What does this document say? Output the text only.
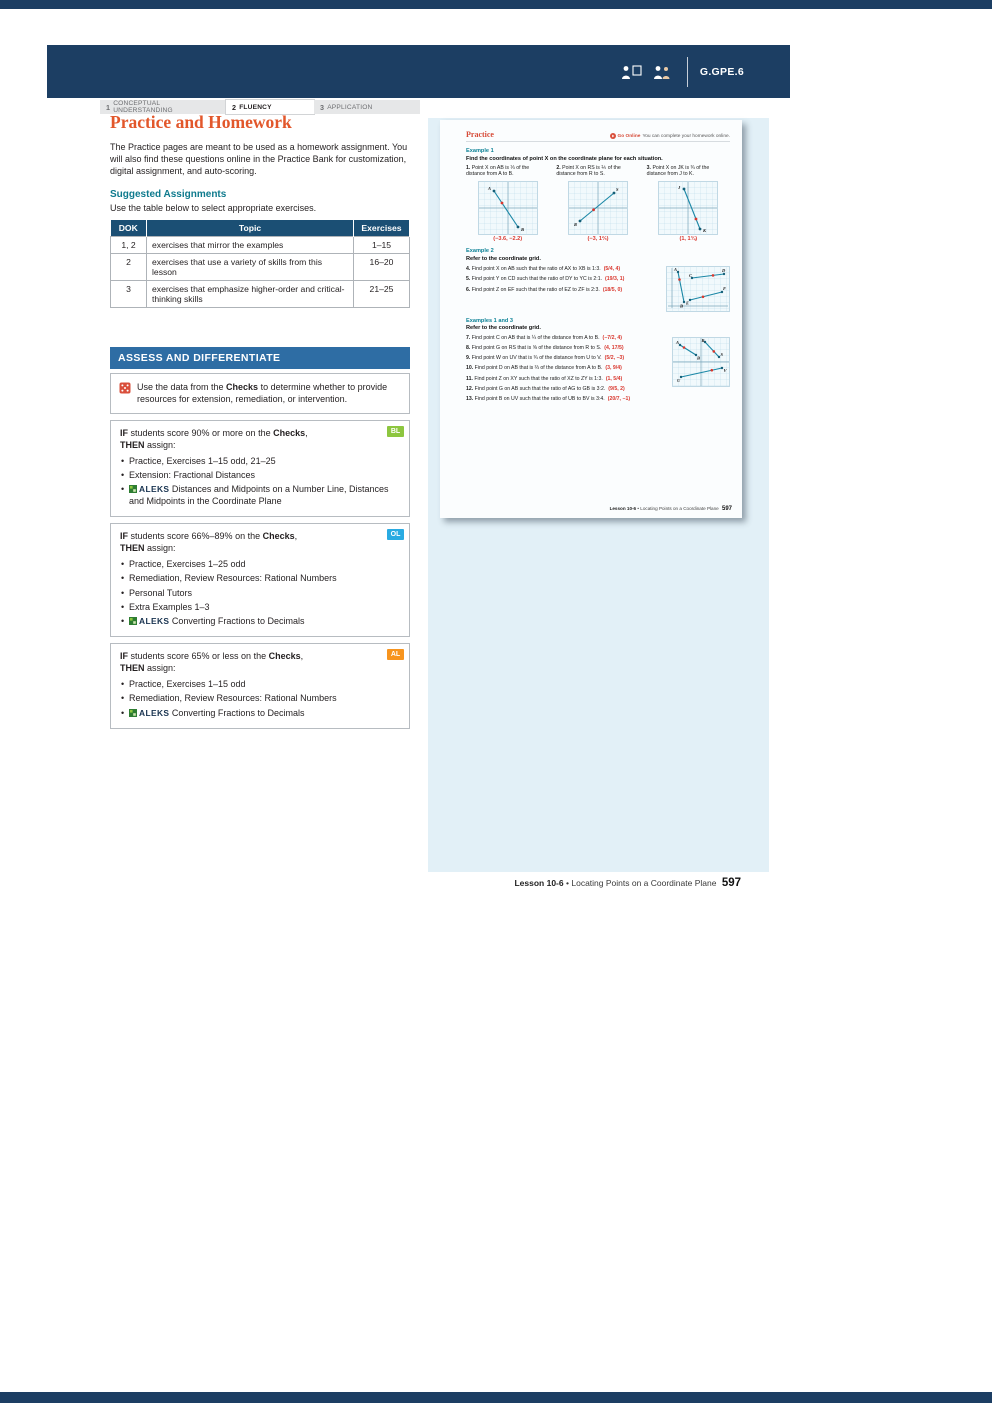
G.GPE.6
1 CONCEPTUAL UNDERSTANDING	2 FLUENCY	3 APPLICATION
Practice and Homework

The Practice pages are meant to be used as a homework assignment. You will also find these questions online in the Practice Bank for customization, digital assignment, and auto-scoring.

Suggested Assignments

Use the table below to select appropriate exercises.

DOK	Topic	Exercises
1, 2	exercises that mirror the examples	1–15
2	exercises that use a variety of skills from this lesson	16–20
3	exercises that emphasize higher-order and critical-thinking skills	21–25
ASSESS AND DIFFERENTIATE

Use the data from the Checks to determine whether to provide resources for extension, remediation, or intervention.

BL

IF students score 90% or more on the Checks,

THEN assign:

• Practice, Exercises 1–15 odd, 21–25
• Extension: Fractional Distances
• ALEKS Distances and Midpoints on a Number Line, Distances and Midpoints in the Coordinate Plane
OL

IF students score 66%–89% on the Checks,

THEN assign:

• Practice, Exercises 1–25 odd
• Remediation, Review Resources: Rational Numbers
• Personal Tutors
• Extra Examples 1–3
• ALEKS Converting Fractions to Decimals
AL

IF students score 65% or less on the Checks,

THEN assign:

• Practice, Exercises 1–15 odd
• Remediation, Review Resources: Rational Numbers
• ALEKS Converting Fractions to Decimals
Practice	Go Online You can complete your homework online.
Example 1
Find the coordinates of point X on the coordinate plane for each situation.

1. Point X on AB is ⅓ of the distance from A to B.

A
B
(−3.6, −2.2)

2. Point X on RS is ⅖ of the distance from R to S.

R
S
(−3, 1⅔)

3. Point X on JK is ¾ of the distance from J to K.

J
K
(1, 1¾)
Example 2
Refer to the coordinate grid.

4. Find point X on AB such that the ratio of AX to XB is 1:3. (5/4, 4)

5. Find point Y on CD such that the ratio of DY to YC is 2:1. (19/3, 1)

6. Find point Z on EF such that the ratio of EZ to ZF is 2:3. (18/5, 0)

A
B
C
D
E
F
Examples 1 and 3
Refer to the coordinate grid.
A
B
R
S
U
V

7. Find point C on AB that is ¼ of the distance from A to B. (−7/2, 4)

8. Find point G on RS that is ⅝ of the distance from R to S. (4, 17/5)

9. Find point W on UV that is ¾ of the distance from U to V. (5/2, −3)

10. Find point D on AB that is ⅔ of the distance from A to B. (3, 9/4)

11. Find point Z on XY such that the ratio of XZ to ZY is 1:3. (1, 5/4)

12. Find point G on AB such that the ratio of AG to GB is 3:2. (9/5, 2)

13. Find point B on UV such that the ratio of UB to BV is 3:4. (20/7, −1)

Lesson 10-6 • Locating Points on a Coordinate Plane 597
Lesson 10-6 • Locating Points on a Coordinate Plane 597
